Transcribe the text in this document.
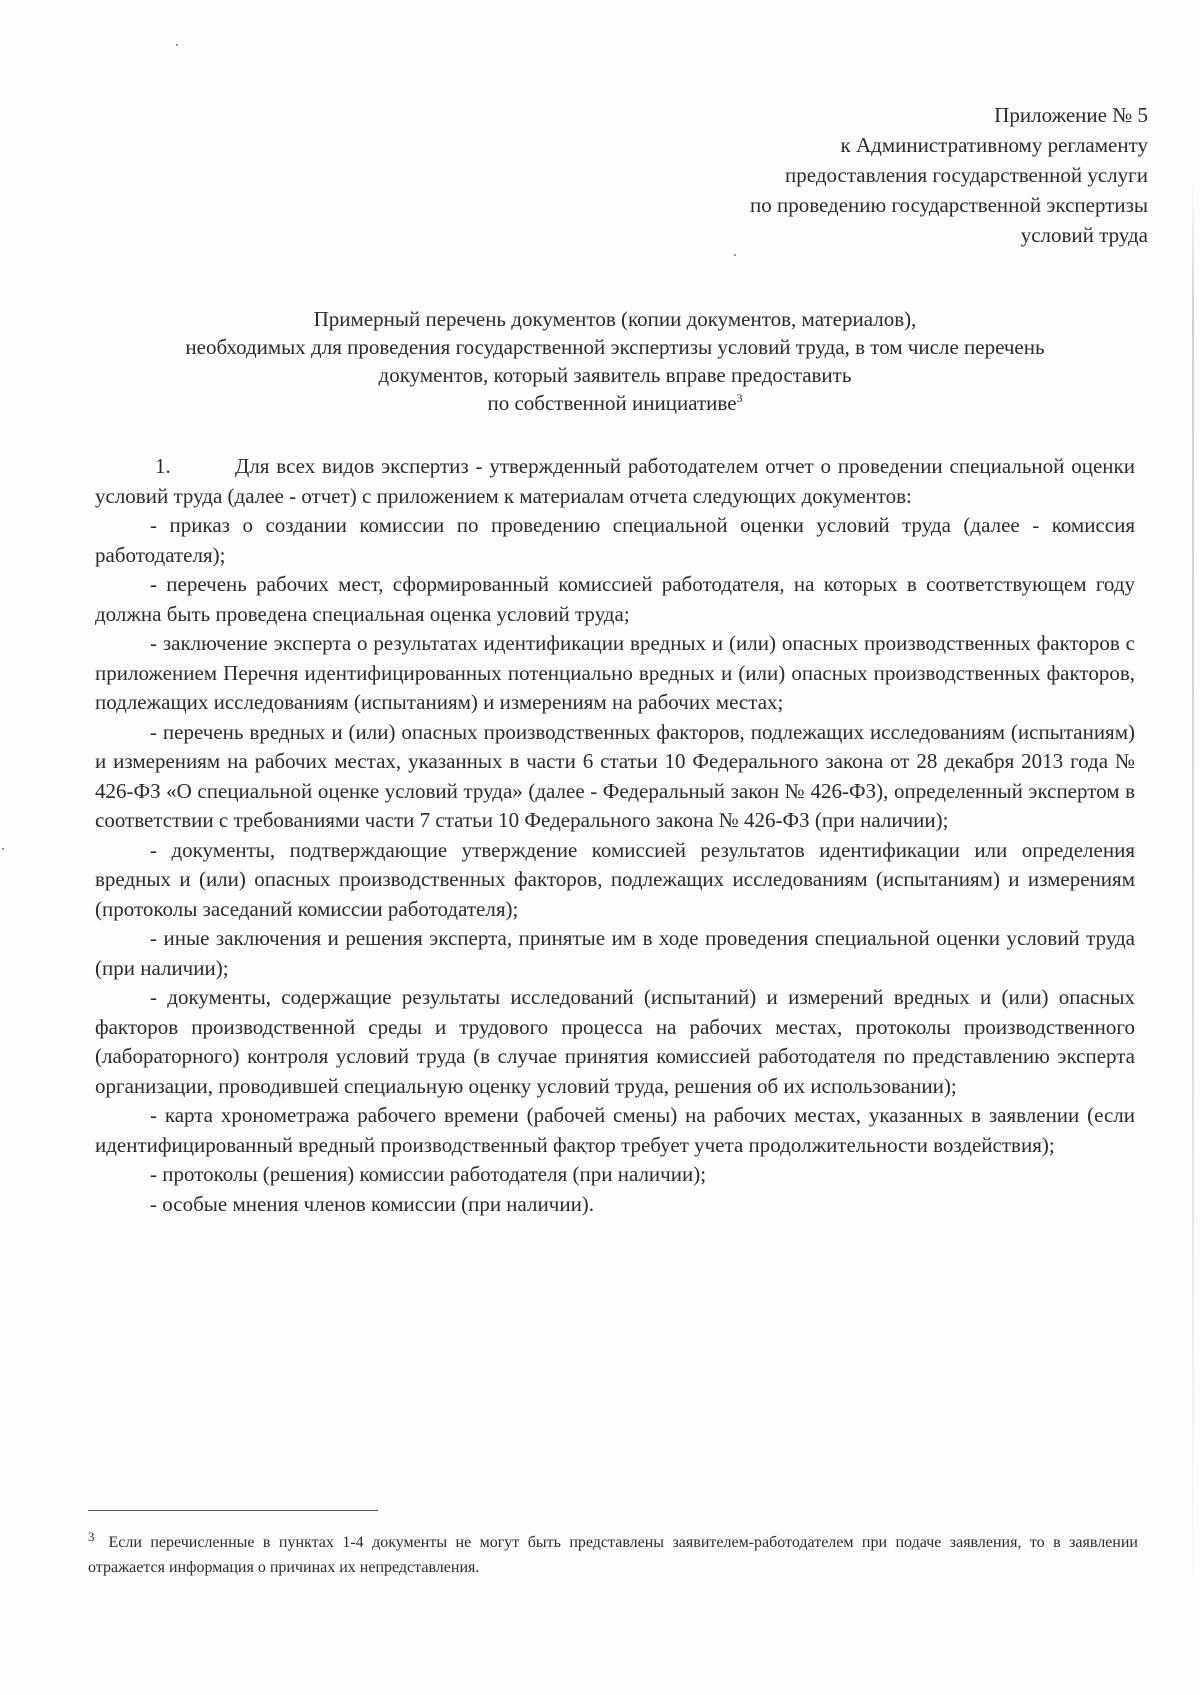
Приложение № 5
к Административному регламенту
предоставления государственной услуги
по проведению государственной экспертизы
условий труда
Примерный перечень документов (копии документов, материалов),
необходимых для проведения государственной экспертизы условий труда, в том числе перечень
документов, который заявитель вправе предоставить
по собственной инициативе$^3$

1.	Для всех видов экспертиз - утвержденный работодателем отчет о проведении специальной оценки условий труда (далее - отчет) с приложением к материалам отчета следующих документов:

- приказ о создании комиссии по проведению специальной оценки условий труда (далее - комиссия работодателя);

- перечень рабочих мест, сформированный комиссией работодателя, на которых в соответствующем году должна быть проведена специальная оценка условий труда;

- заключение эксперта о результатах идентификации вредных и (или) опасных производственных факторов с приложением Перечня идентифицированных потенциально вредных и (или) опасных производственных факторов, подлежащих исследованиям (испытаниям) и измерениям на рабочих местах;

- перечень вредных и (или) опасных производственных факторов, подлежащих исследованиям (испытаниям) и измерениям на рабочих местах, указанных в части 6 статьи 10 Федерального закона от 28 декабря 2013 года № 426-ФЗ «О специальной оценке условий труда» (далее - Федеральный закон № 426-ФЗ), определенный экспертом в соответствии с требованиями части 7 статьи 10 Федерального закона № 426-ФЗ (при наличии);

- документы, подтверждающие утверждение комиссией результатов идентификации или определения вредных и (или) опасных производственных факторов, подлежащих исследованиям (испытаниям) и измерениям (протоколы заседаний комиссии работодателя);

- иные заключения и решения эксперта, принятые им в ходе проведения специальной оценки условий труда (при наличии);

- документы, содержащие результаты исследований (испытаний) и измерений вредных и (или) опасных факторов производственной среды и трудового процесса на рабочих местах, протоколы производственного (лабораторного) контроля условий труда (в случае принятия комиссией работодателя по представлению эксперта организации, проводившей специальную оценку условий труда, решения об их использовании);

- карта хронометража рабочего времени (рабочей смены) на рабочих местах, указанных в заявлении (если идентифицированный вредный производственный фактор требует учета продолжительности воздействия);

- протоколы (решения) комиссии работодателя (при наличии);

- особые мнения членов комиссии (при наличии).

$^3$ Если перечисленные в пунктах 1-4 документы не могут быть представлены заявителем-работодателем при подаче заявления, то в заявлении отражается информация о причинах их непредставления.
